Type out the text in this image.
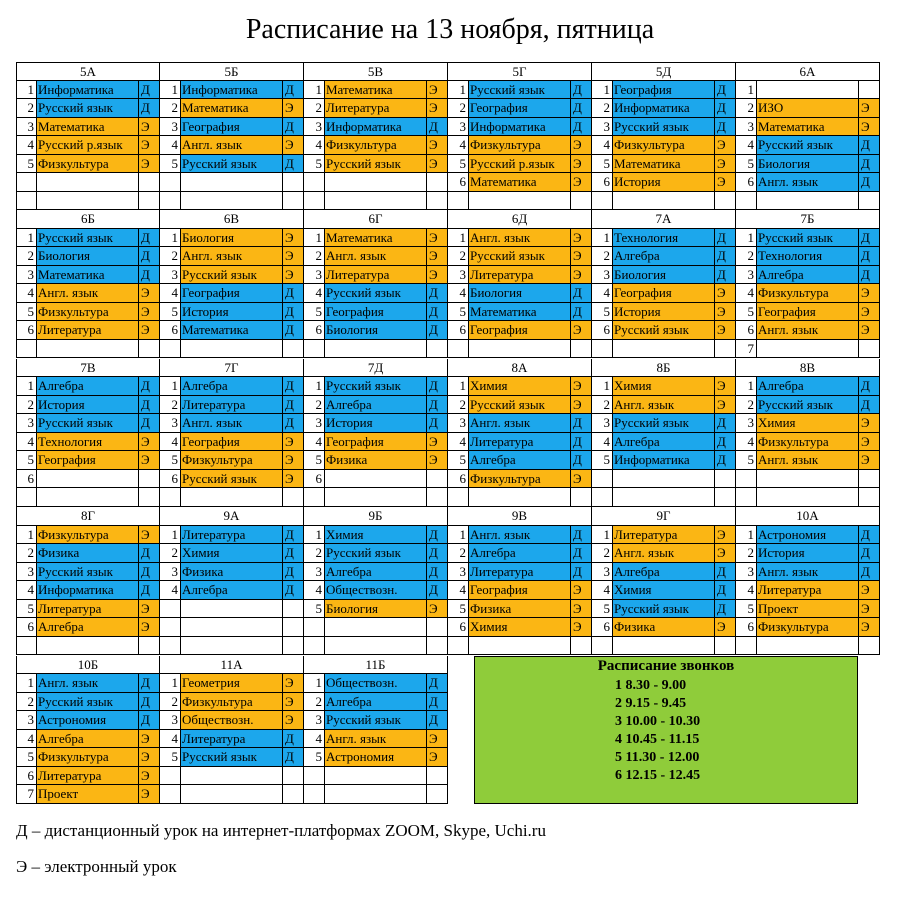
Расписание на 13 ноября, пятница
5А
1 Информатика	Д
2 Русский язык	Д
3 Математика	Э
4 Русский р.язык	Э
5 Физкультура	Э
5Б
1 Информатика	Д
2 Математика	Э
3 География	Д
4 Англ. язык	Э
5 Русский язык	Д
5В
1 Математика	Э
2 Литература	Э
3 Информатика	Д
4 Физкультура	Э
5 Русский язык	Э
5Г
1 Русский язык	Д
2 География	Д
3 Информатика	Д
4 Физкультура	Э
5 Русский р.язык	Э
6 Математика	Э
5Д
1 География	Д
2 Информатика	Д
3 Русский язык	Д
4 Физкультура	Э
5 Математика	Э
6 История	Э
6А
1
2 ИЗО	Э
3 Математика	Э
4 Русский язык	Д
5 Биология	Д
6 Англ. язык	Д
6Б
1 Русский язык	Д
2 Биология	Д
3 Математика	Д
4 Англ. язык	Э
5 Физкультура	Э
6 Литература	Э
6В
1 Биология	Э
2 Англ. язык	Э
3 Русский язык	Э
4 География	Д
5 История	Д
6 Математика	Д
6Г
1 Математика	Э
2 Англ. язык	Э
3 Литература	Э
4 Русский язык	Д
5 География	Д
6 Биология	Д
6Д
1 Англ. язык	Э
2 Русский язык	Э
3 Литература	Э
4 Биология	Д
5 Математика	Д
6 География	Э
7А
1 Технология	Д
2 Алгебра	Д
3 Биология	Д
4 География	Э
5 История	Э
6 Русский язык	Э
7Б
1 Русский язык	Д
2 Технология	Д
3 Алгебра	Д
4 Физкультура	Э
5 География	Э
6 Англ. язык	Э
7
7В
1 Алгебра	Д
2 История	Д
3 Русский язык	Д
4 Технология	Э
5 География	Э
6
7Г
1 Алгебра	Д
2 Литература	Д
3 Англ. язык	Д
4 География	Э
5 Физкультура	Э
6 Русский язык	Э
7Д
1 Русский язык	Д
2 Алгебра	Д
3 История	Д
4 География	Э
5 Физика	Э
6
8А
1 Химия	Э
2 Русский язык	Э
3 Англ. язык	Д
4 Литература	Д
5 Алгебра	Д
6 Физкультура	Э
8Б
1 Химия	Э
2 Англ. язык	Э
3 Русский язык	Д
4 Алгебра	Д
5 Информатика	Д
8В
1 Алгебра	Д
2 Русский язык	Д
3 Химия	Э
4 Физкультура	Э
5 Англ. язык	Э
8Г
1 Физкультура	Э
2 Физика	Д
3 Русский язык	Д
4 Информатика	Д
5 Литература	Э
6 Алгебра	Э
9А
1 Литература	Д
2 Химия	Д
3 Физика	Д
4 Алгебра	Д
9Б
1 Химия	Д
2 Русский язык	Д
3 Алгебра	Д
4 Обществозн.	Д
5 Биология	Э
9В
1 Англ. язык	Д
2 Алгебра	Д
3 Литература	Д
4 География	Э
5 Физика	Э
6 Химия	Э
9Г
1 Литература	Э
2 Англ. язык	Э
3 Алгебра	Д
4 Химия	Д
5 Русский язык	Д
6 Физика	Э
10А
1 Астрономия	Д
2 История	Д
3 Англ. язык	Д
4 Литература	Э
5 Проект	Э
6 Физкультура	Э
10Б
1 Англ. язык	Д
2 Русский язык	Д
3 Астрономия	Д
4 Алгебра	Э
5 Физкультура	Э
6 Литература	Э
7 Проект	Э
11А
1 Геометрия	Э
2 Физкультура	Э
3 Обществозн.	Э
4 Литература	Д
5 Русский язык	Д
11Б
1 Обществозн.	Д
2 Алгебра	Д
3 Русский язык	Д
4 Англ. язык	Э
5 Астрономия	Э
Расписание звонков
1 8.30 - 9.00
2 9.15 - 9.45
3 10.00 - 10.30
4 10.45 - 11.15
5 11.30 - 12.00
6 12.15 - 12.45
Д – дистанционный урок на интернет-платформах ZOOM, Skype, Uchi.ru
Э – электронный урок
